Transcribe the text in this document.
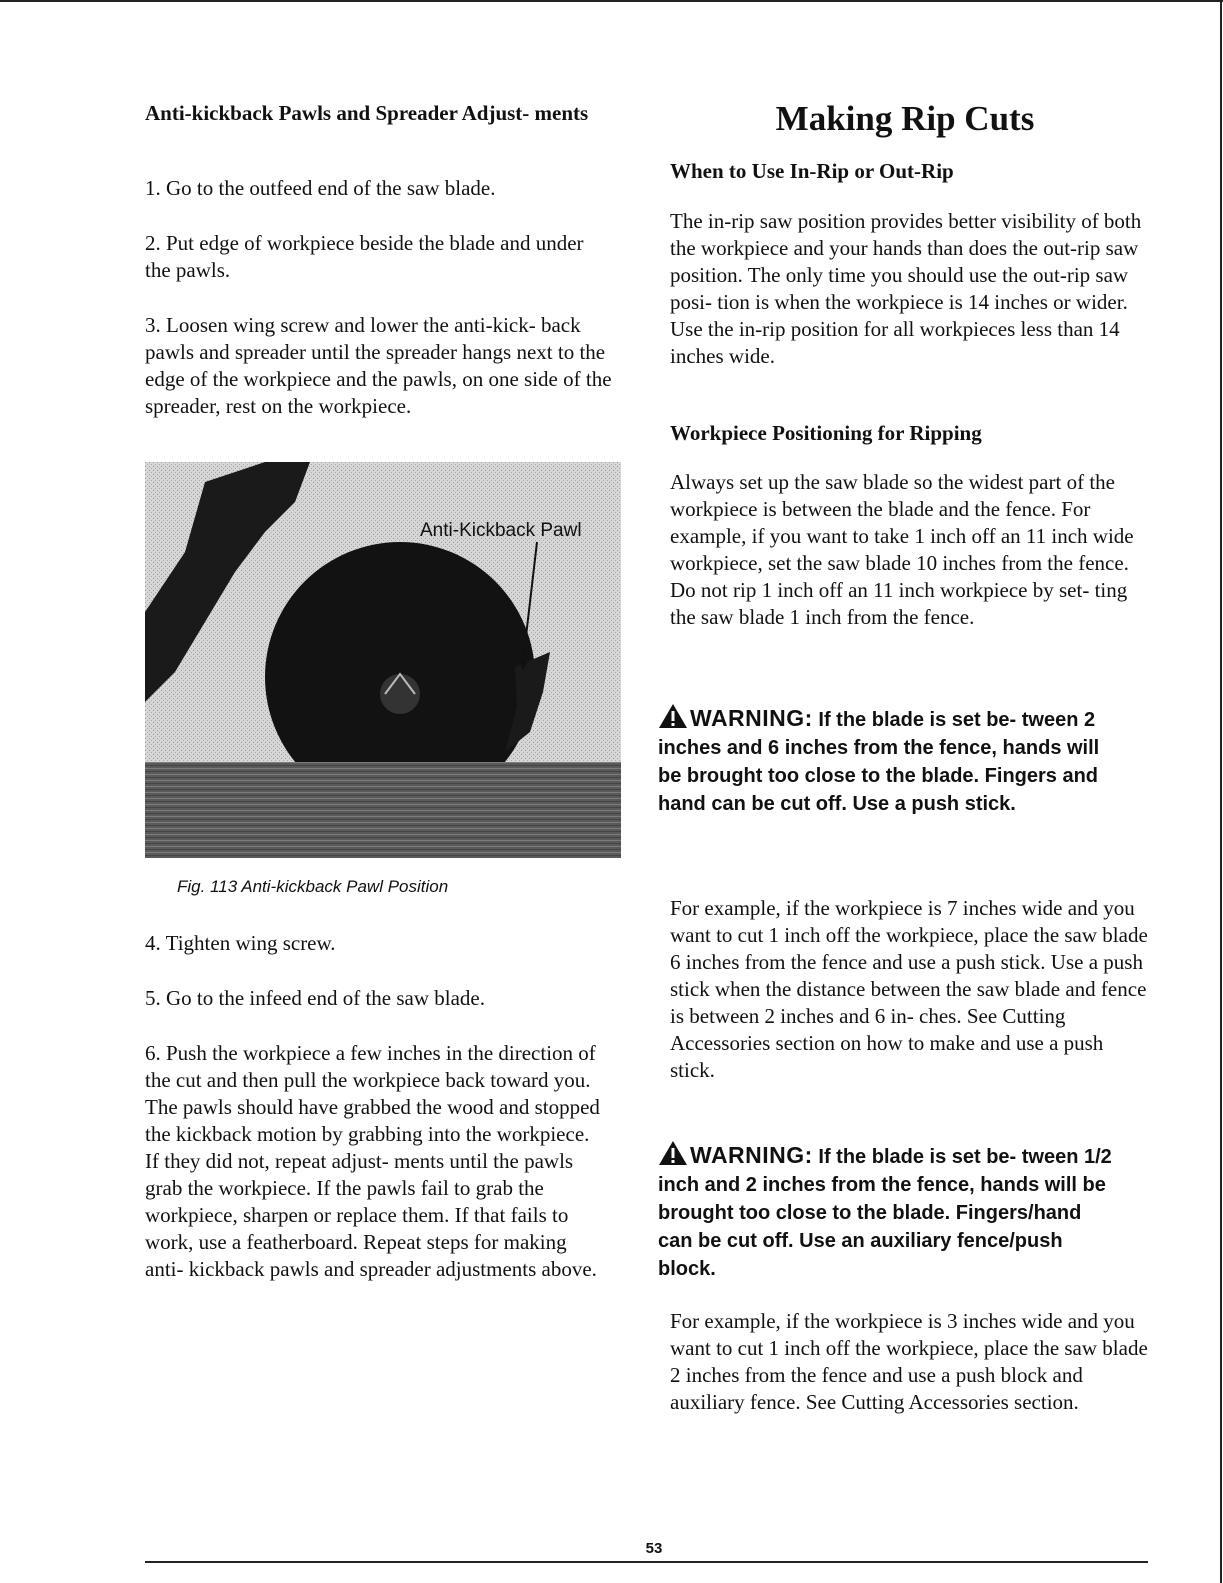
Anti-kickback Pawls and Spreader Adjust- ments

1. Go to the outfeed end of the saw blade.

2. Put edge of workpiece beside the blade and under the pawls.

3. Loosen wing screw and lower the anti-kick- back pawls and spreader until the spreader hangs next to the edge of the workpiece and the pawls, on one side of the spreader, rest on the workpiece.

Anti-Kickback Pawl

Fig. 113 Anti-kickback Pawl Position

4. Tighten wing screw.

5. Go to the infeed end of the saw blade.

6. Push the workpiece a few inches in the direction of the cut and then pull the workpiece back toward you. The pawls should have grabbed the wood and stopped the kickback motion by grabbing into the workpiece. If they did not, repeat adjust- ments until the pawls grab the workpiece. If the pawls fail to grab the workpiece, sharpen or replace them. If that fails to work, use a featherboard. Repeat steps for making anti- kickback pawls and spreader adjustments above.

Making Rip Cuts

When to Use In-Rip or Out-Rip

The in-rip saw position provides better visibility of both the workpiece and your hands than does the out-rip saw position. The only time you should use the out-rip saw posi- tion is when the workpiece is 14 inches or wider. Use the in-rip position for all workpieces less than 14 inches wide.

Workpiece Positioning for Ripping

Always set up the saw blade so the widest part of the workpiece is between the blade and the fence. For example, if you want to take 1 inch off an 11 inch wide workpiece, set the saw blade 10 inches from the fence. Do not rip 1 inch off an 11 inch workpiece by set- ting the saw blade 1 inch from the fence.

WARNING: If the blade is set be- tween 2 inches and 6 inches from the fence, hands will be brought too close to the blade. Fingers and hand can be cut off. Use a push stick.

For example, if the workpiece is 7 inches wide and you want to cut 1 inch off the workpiece, place the saw blade 6 inches from the fence and use a push stick. Use a push stick when the distance between the saw blade and fence is between 2 inches and 6 in- ches. See Cutting Accessories section on how to make and use a push stick.

WARNING: If the blade is set be- tween 1/2 inch and 2 inches from the fence, hands will be brought too close to the blade. Fingers/hand can be cut off. Use an auxiliary fence/push block.

For example, if the workpiece is 3 inches wide and you want to cut 1 inch off the workpiece, place the saw blade 2 inches from the fence and use a push block and auxiliary fence. See Cutting Accessories section.

53
